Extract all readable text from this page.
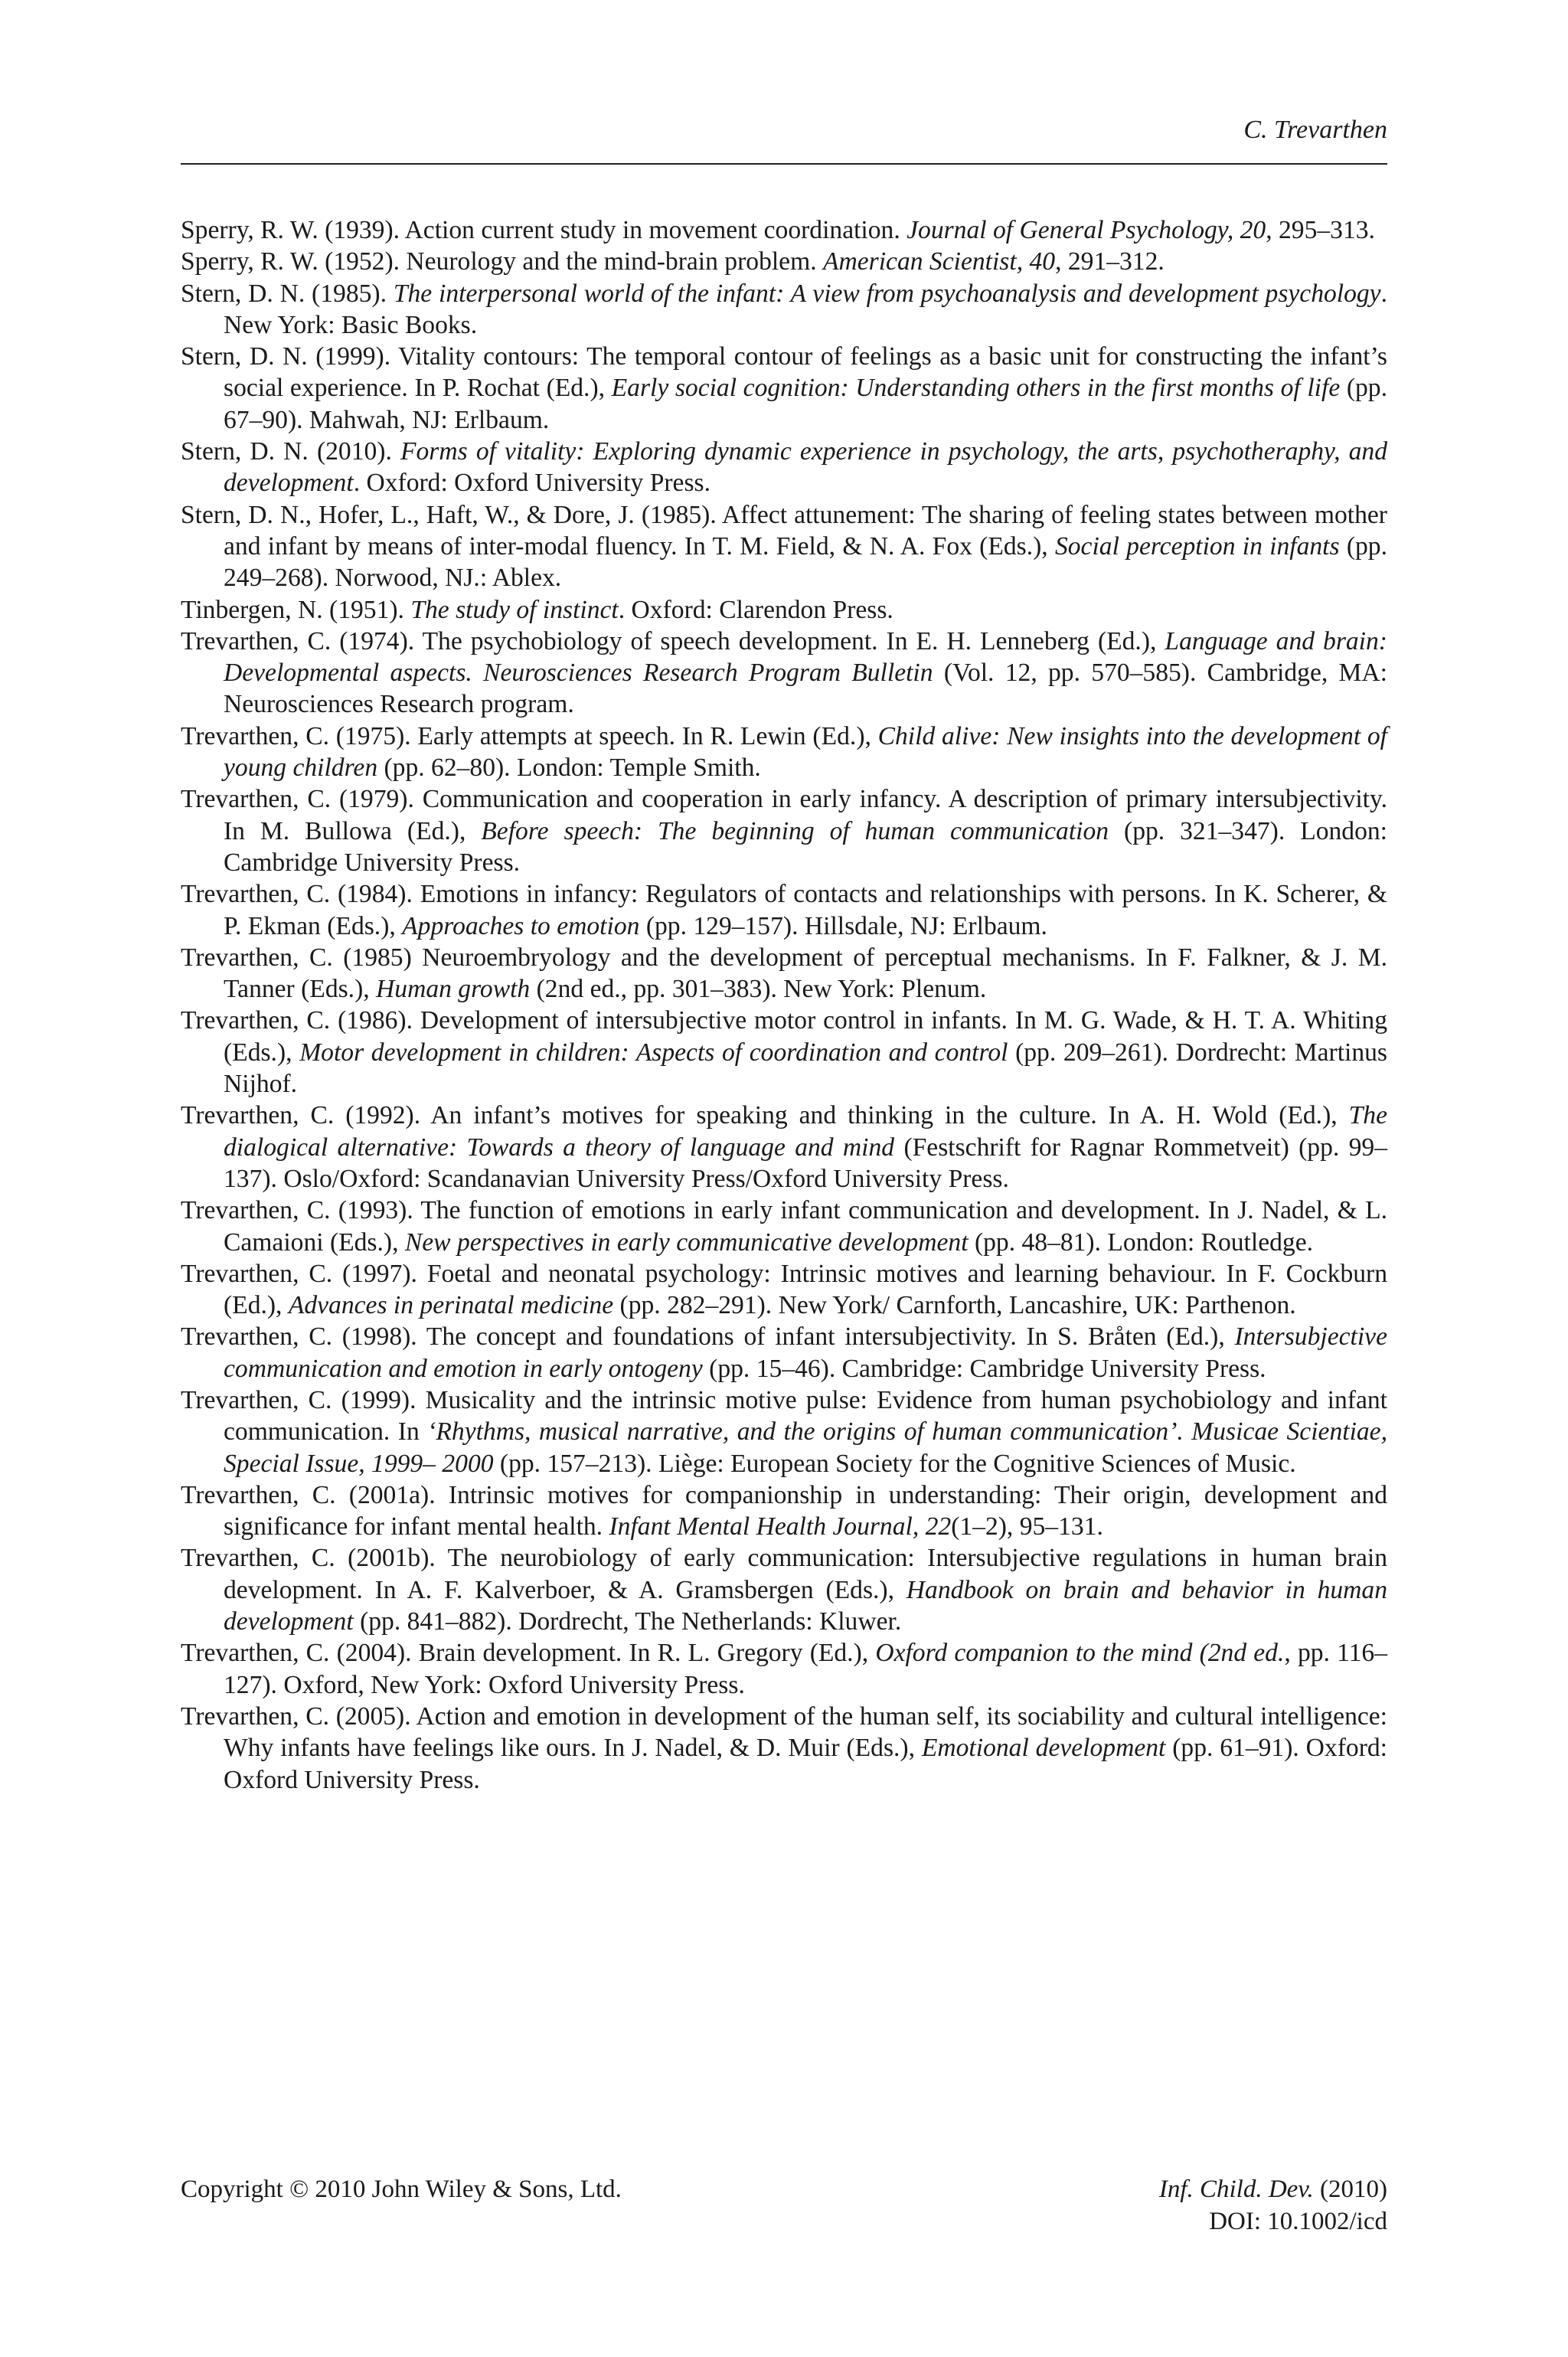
C. Trevarthen
Sperry, R. W. (1939). Action current study in movement coordination. Journal of General Psychology, 20, 295–313.
Sperry, R. W. (1952). Neurology and the mind-brain problem. American Scientist, 40, 291–312.
Stern, D. N. (1985). The interpersonal world of the infant: A view from psychoanalysis and development psychology. New York: Basic Books.
Stern, D. N. (1999). Vitality contours: The temporal contour of feelings as a basic unit for constructing the infant’s social experience. In P. Rochat (Ed.), Early social cognition: Understanding others in the first months of life (pp. 67–90). Mahwah, NJ: Erlbaum.
Stern, D. N. (2010). Forms of vitality: Exploring dynamic experience in psychology, the arts, psychotheraphy, and development. Oxford: Oxford University Press.
Stern, D. N., Hofer, L., Haft, W., & Dore, J. (1985). Affect attunement: The sharing of feeling states between mother and infant by means of inter-modal fluency. In T. M. Field, & N. A. Fox (Eds.), Social perception in infants (pp. 249–268). Norwood, NJ.: Ablex.
Tinbergen, N. (1951). The study of instinct. Oxford: Clarendon Press.
Trevarthen, C. (1974). The psychobiology of speech development. In E. H. Lenneberg (Ed.), Language and brain: Developmental aspects. Neurosciences Research Program Bulletin (Vol. 12, pp. 570–585). Cambridge, MA: Neurosciences Research program.
Trevarthen, C. (1975). Early attempts at speech. In R. Lewin (Ed.), Child alive: New insights into the development of young children (pp. 62–80). London: Temple Smith.
Trevarthen, C. (1979). Communication and cooperation in early infancy. A description of primary intersubjectivity. In M. Bullowa (Ed.), Before speech: The beginning of human communication (pp. 321–347). London: Cambridge University Press.
Trevarthen, C. (1984). Emotions in infancy: Regulators of contacts and relationships with persons. In K. Scherer, & P. Ekman (Eds.), Approaches to emotion (pp. 129–157). Hillsdale, NJ: Erlbaum.
Trevarthen, C. (1985) Neuroembryology and the development of perceptual mechanisms. In F. Falkner, & J. M. Tanner (Eds.), Human growth (2nd ed., pp. 301–383). New York: Plenum.
Trevarthen, C. (1986). Development of intersubjective motor control in infants. In M. G. Wade, & H. T. A. Whiting (Eds.), Motor development in children: Aspects of coordination and control (pp. 209–261). Dordrecht: Martinus Nijhof.
Trevarthen, C. (1992). An infant’s motives for speaking and thinking in the culture. In A. H. Wold (Ed.), The dialogical alternative: Towards a theory of language and mind (Festschrift for Ragnar Rommetveit) (pp. 99–137). Oslo/Oxford: Scandanavian University Press/Oxford University Press.
Trevarthen, C. (1993). The function of emotions in early infant communication and development. In J. Nadel, & L. Camaioni (Eds.), New perspectives in early communicative development (pp. 48–81). London: Routledge.
Trevarthen, C. (1997). Foetal and neonatal psychology: Intrinsic motives and learning behaviour. In F. Cockburn (Ed.), Advances in perinatal medicine (pp. 282–291). New York/ Carnforth, Lancashire, UK: Parthenon.
Trevarthen, C. (1998). The concept and foundations of infant intersubjectivity. In S. Bråten (Ed.), Intersubjective communication and emotion in early ontogeny (pp. 15–46). Cambridge: Cambridge University Press.
Trevarthen, C. (1999). Musicality and the intrinsic motive pulse: Evidence from human psychobiology and infant communication. In ‘Rhythms, musical narrative, and the origins of human communication’. Musicae Scientiae, Special Issue, 1999– 2000 (pp. 157–213). Liège: European Society for the Cognitive Sciences of Music.
Trevarthen, C. (2001a). Intrinsic motives for companionship in understanding: Their origin, development and significance for infant mental health. Infant Mental Health Journal, 22(1–2), 95–131.
Trevarthen, C. (2001b). The neurobiology of early communication: Intersubjective regulations in human brain development. In A. F. Kalverboer, & A. Gramsbergen (Eds.), Handbook on brain and behavior in human development (pp. 841–882). Dordrecht, The Netherlands: Kluwer.
Trevarthen, C. (2004). Brain development. In R. L. Gregory (Ed.), Oxford companion to the mind (2nd ed., pp. 116–127). Oxford, New York: Oxford University Press.
Trevarthen, C. (2005). Action and emotion in development of the human self, its sociability and cultural intelligence: Why infants have feelings like ours. In J. Nadel, & D. Muir (Eds.), Emotional development (pp. 61–91). Oxford: Oxford University Press.
Copyright © 2010 John Wiley & Sons, Ltd.	Inf. Child. Dev. (2010)
DOI: 10.1002/icd
